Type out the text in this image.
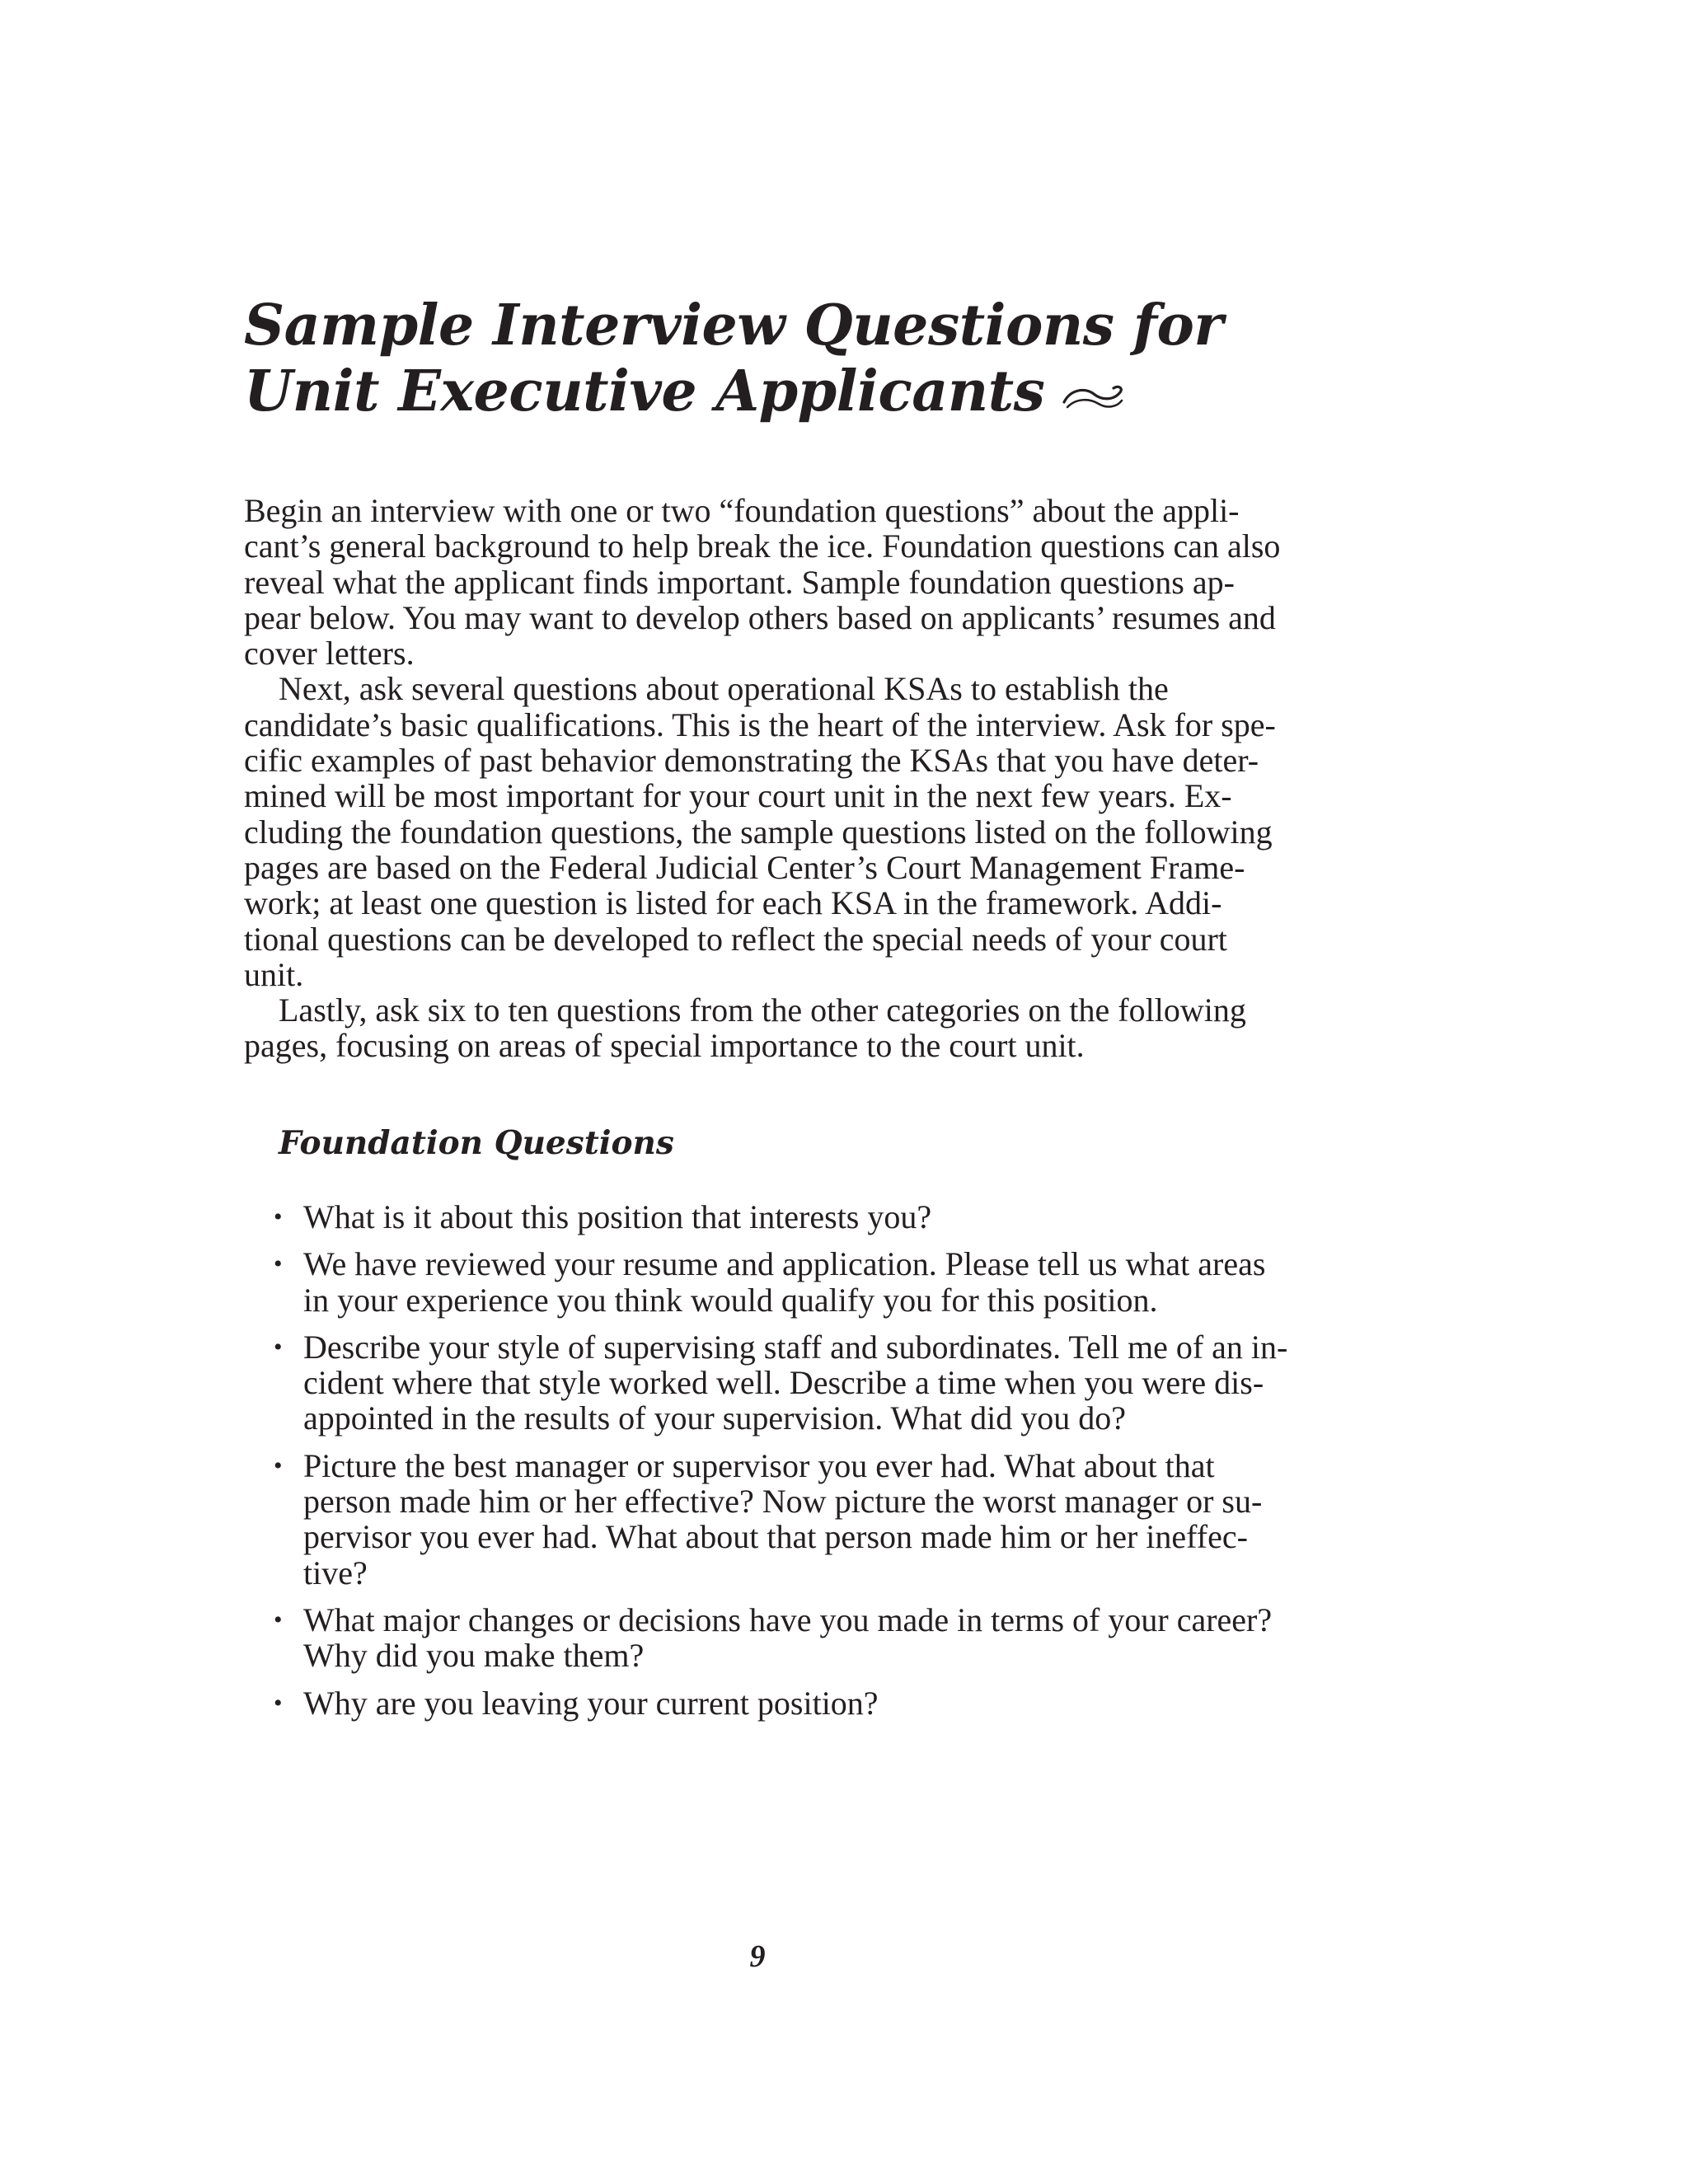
Sample Interview Questions for
Unit Executive Applicants

Begin an interview with one or two “foundation questions” about the appli-
cant’s general background to help break the ice. Foundation questions can also
reveal what the applicant finds important. Sample foundation questions ap-
pear below. You may want to develop others based on applicants’ resumes and
cover letters.

Next, ask several questions about operational KSAs to establish the
candidate’s basic qualifications. This is the heart of the interview. Ask for spe-
cific examples of past behavior demonstrating the KSAs that you have deter-
mined will be most important for your court unit in the next few years. Ex-
cluding the foundation questions, the sample questions listed on the following
pages are based on the Federal Judicial Center’s Court Management Frame-
work; at least one question is listed for each KSA in the framework. Addi-
tional questions can be developed to reflect the special needs of your court
unit.

Lastly, ask six to ten questions from the other categories on the following
pages, focusing on areas of special importance to the court unit.

Foundation Questions
• What is it about this position that interests you?
• We have reviewed your resume and application. Please tell us what areas
in your experience you think would qualify you for this position.
• Describe your style of supervising staff and subordinates. Tell me of an in-
cident where that style worked well. Describe a time when you were dis-
appointed in the results of your supervision. What did you do?
• Picture the best manager or supervisor you ever had. What about that
person made him or her effective? Now picture the worst manager or su-
pervisor you ever had. What about that person made him or her ineffec-
tive?
• What major changes or decisions have you made in terms of your career?
Why did you make them?
• Why are you leaving your current position?
9
